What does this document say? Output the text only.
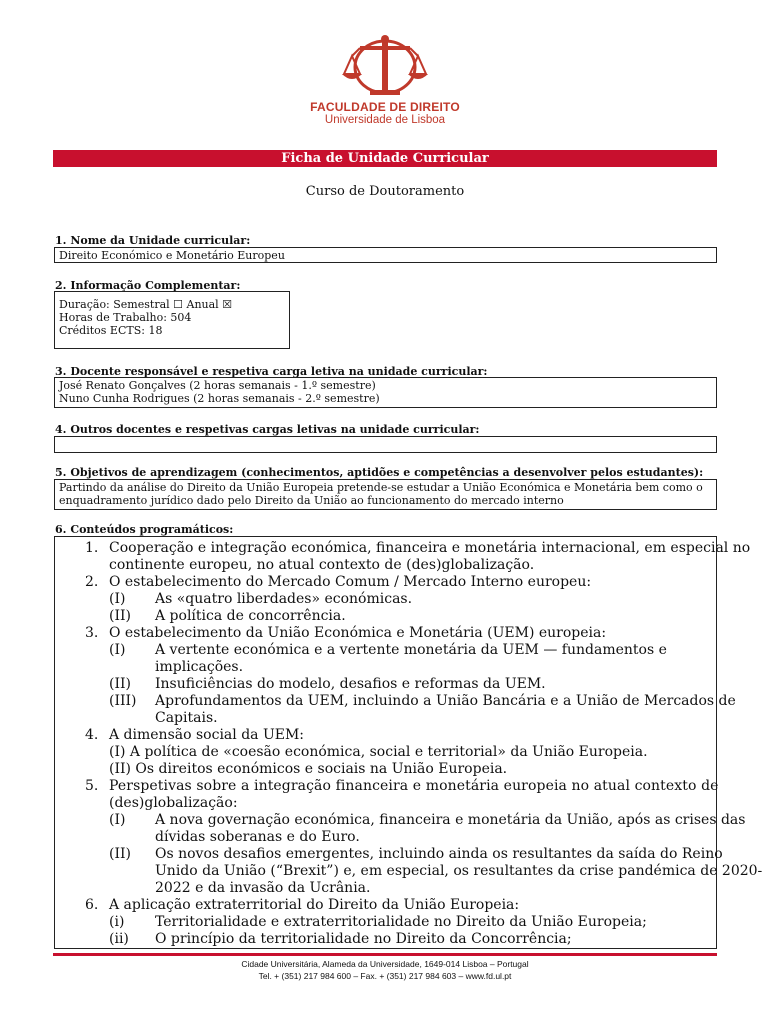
FACULDADE DE DIREITO
Universidade de Lisboa
Ficha de Unidade Curricular
Curso de Doutoramento
1. Nome da Unidade curricular:
Direito Económico e Monetário Europeu
2. Informação Complementar:
Duração: Semestral ☐ Anual ☒
Horas de Trabalho: 504
Créditos ECTS: 18
3. Docente responsável e respetiva carga letiva na unidade curricular:
José Renato Gonçalves (2 horas semanais - 1.º semestre)
Nuno Cunha Rodrigues (2 horas semanais - 2.º semestre)
4. Outros docentes e respetivas cargas letivas na unidade curricular:
5. Objetivos de aprendizagem (conhecimentos, aptidões e competências a desenvolver pelos estudantes):
Partindo da análise do Direito da União Europeia pretende-se estudar a União Económica e Monetária bem como o
enquadramento jurídico dado pelo Direito da União ao funcionamento do mercado interno
6. Conteúdos programáticos:
1. Cooperação e integração económica, financeira e monetária internacional, em especial no
continente europeu, no atual contexto de (des)globalização.
2. O estabelecimento do Mercado Comum / Mercado Interno europeu:
(I) As «quatro liberdades» económicas.
(II) A política de concorrência.
3. O estabelecimento da União Económica e Monetária (UEM) europeia:
(I) A vertente económica e a vertente monetária da UEM — fundamentos e
implicações.
(II) Insuficiências do modelo, desafios e reformas da UEM.
(III) Aprofundamentos da UEM, incluindo a União Bancária e a União de Mercados de
Capitais.
4. A dimensão social da UEM:
(I) A política de «coesão económica, social e territorial» da União Europeia.
(II) Os direitos económicos e sociais na União Europeia.
5. Perspetivas sobre a integração financeira e monetária europeia no atual contexto de
(des)globalização:
(I) A nova governação económica, financeira e monetária da União, após as crises das
dívidas soberanas e do Euro.
(II) Os novos desafios emergentes, incluindo ainda os resultantes da saída do Reino
Unido da União (“Brexit”) e, em especial, os resultantes da crise pandémica de 2020-
2022 e da invasão da Ucrânia.
6. A aplicação extraterritorial do Direito da União Europeia:
(i) Territorialidade e extraterritorialidade no Direito da União Europeia;
(ii) O princípio da territorialidade no Direito da Concorrência;
Cidade Universitária, Alameda da Universidade, 1649-014 Lisboa – Portugal
Tel. + (351) 217 984 600 – Fax. + (351) 217 984 603 – www.fd.ul.pt
